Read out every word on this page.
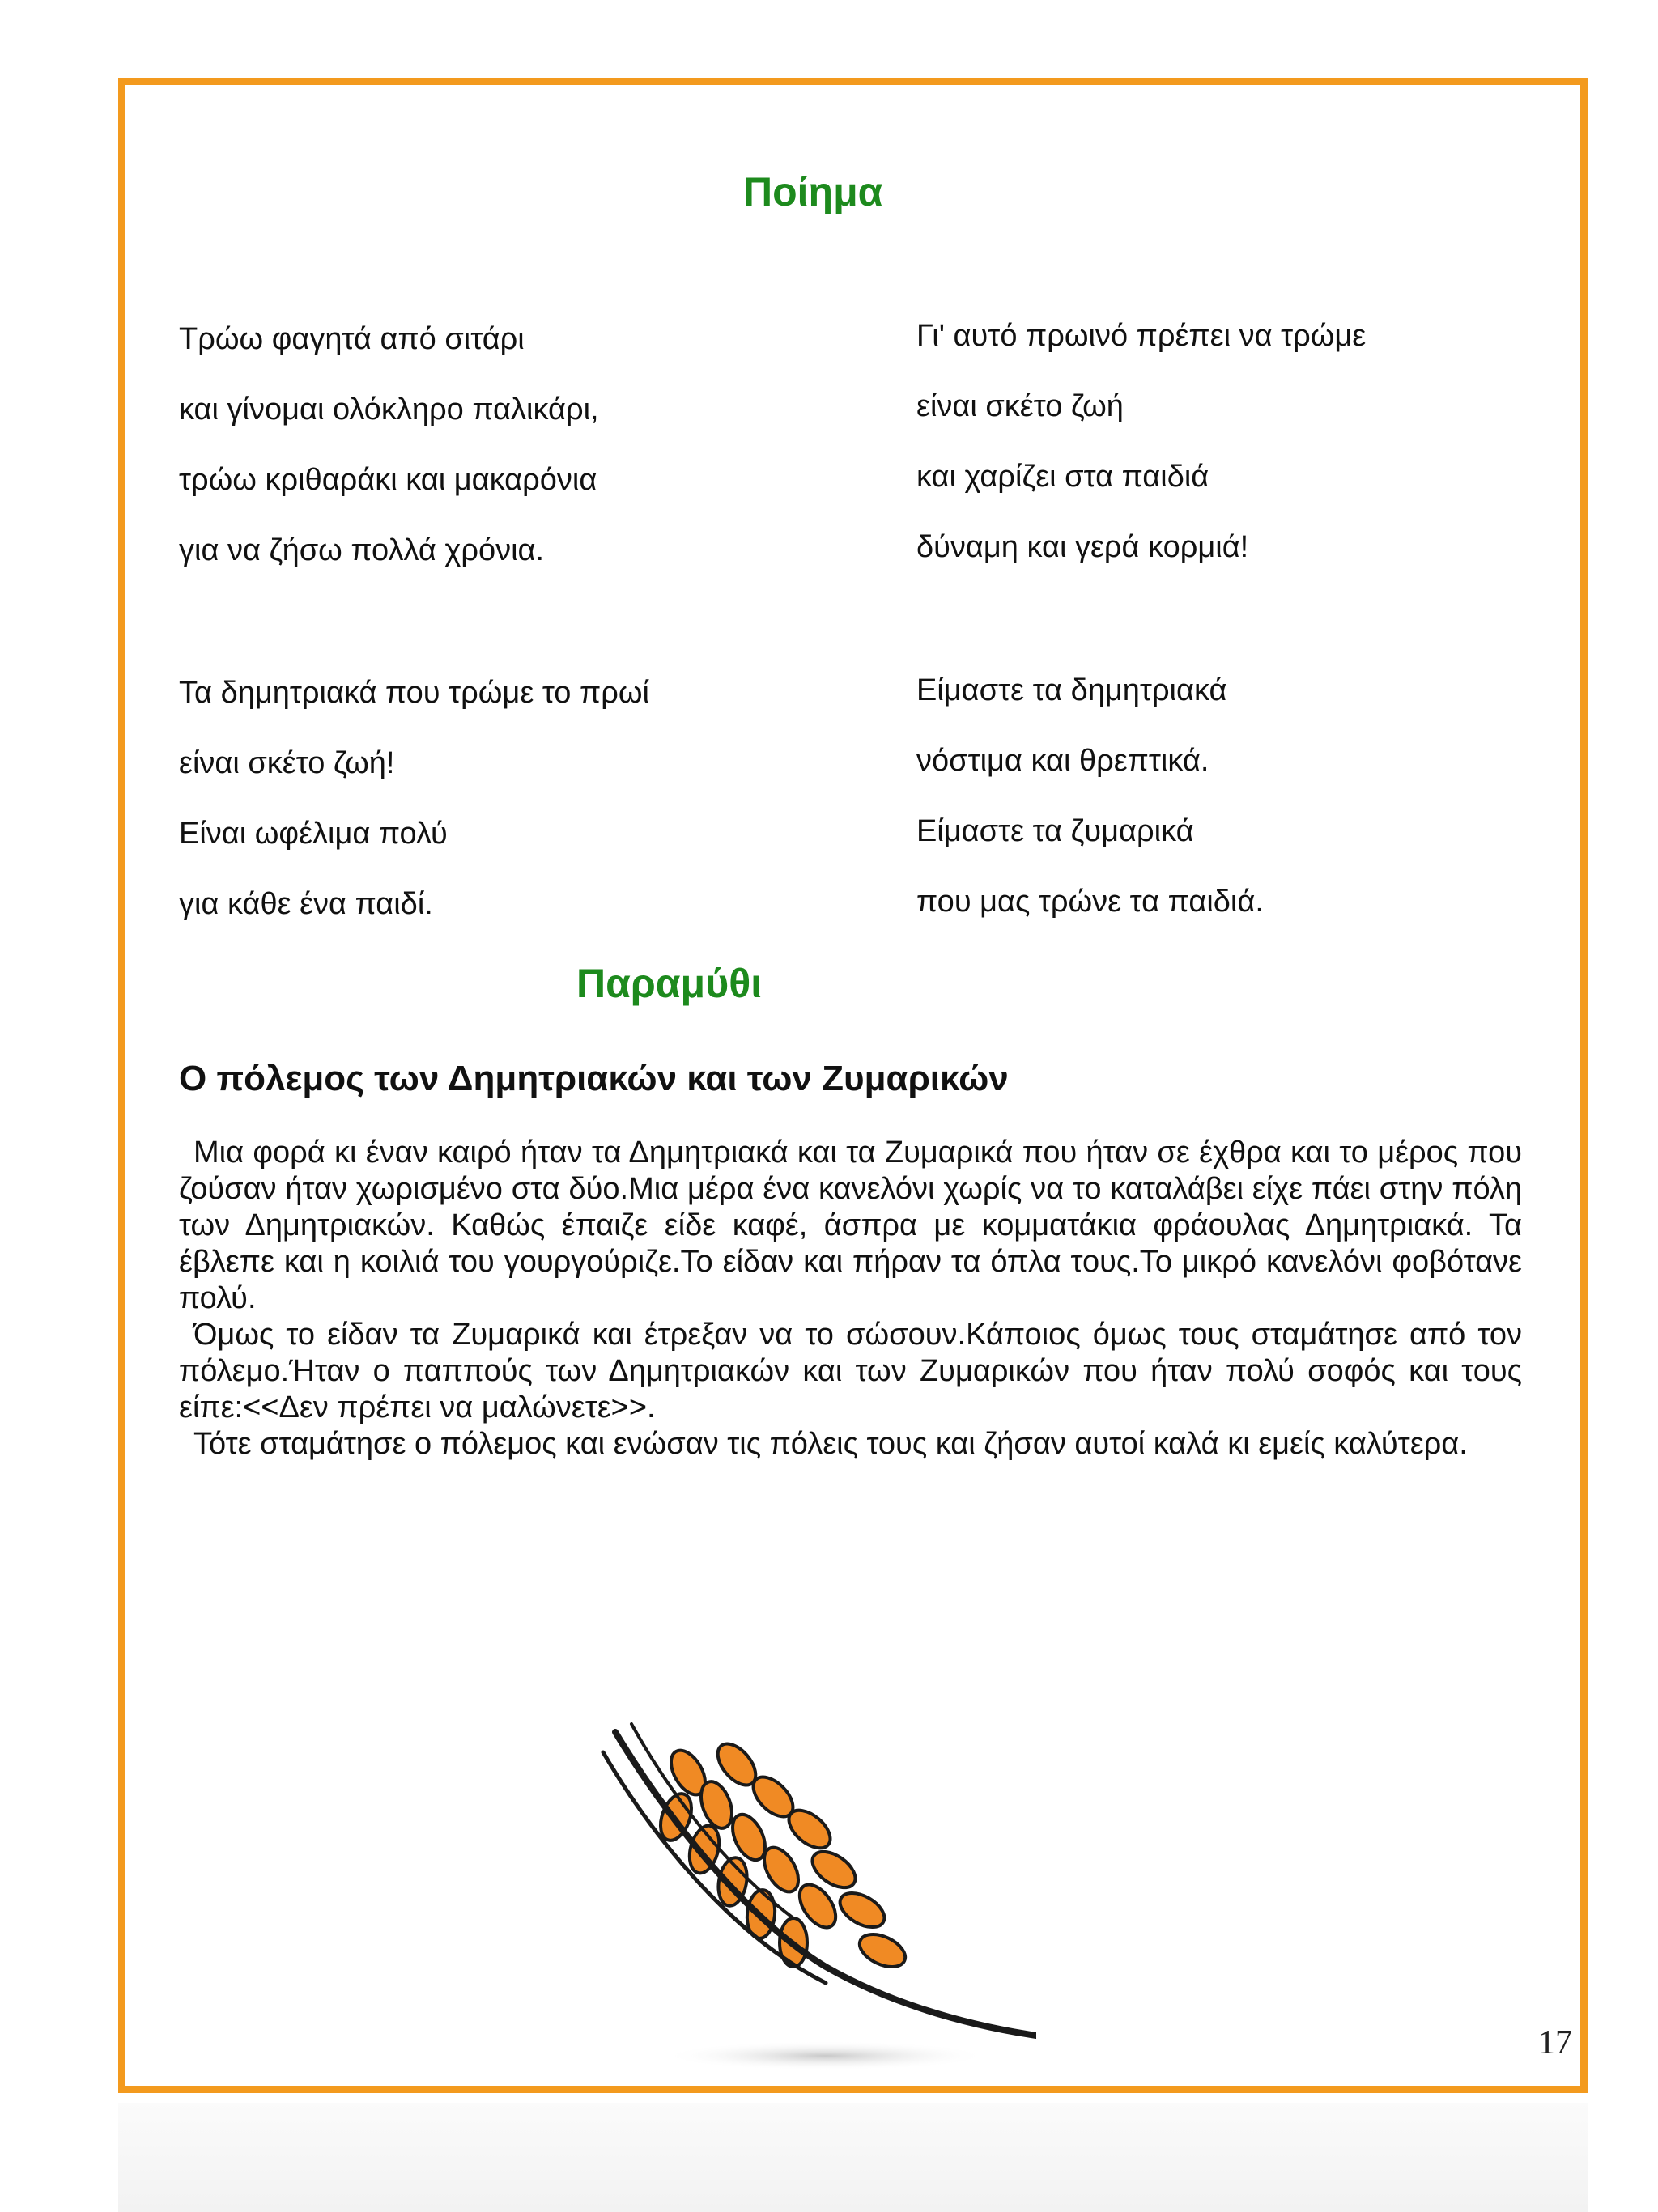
Ποίημα
Τρώω φαγητά από σιτάρι
και γίνομαι ολόκληρο παλικάρι,
τρώω κριθαράκι και μακαρόνια
για να ζήσω πολλά χρόνια.
Γι' αυτό πρωινό πρέπει να τρώμε
είναι σκέτο ζωή
και χαρίζει στα παιδιά
δύναμη και γερά κορμιά!
Τα δημητριακά που τρώμε το πρωί
είναι σκέτο ζωή!
Είναι ωφέλιμα πολύ
για κάθε ένα παιδί.
Είμαστε τα δημητριακά
νόστιμα και θρεπτικά.
Είμαστε τα ζυμαρικά
που μας τρώνε τα παιδιά.
Παραμύθι
Ο πόλεμος των Δημητριακών και των Ζυμαρικών

Μια φορά κι έναν καιρό ήταν τα Δημητριακά και τα Ζυμαρικά που ήταν σε έχθρα και το μέρος που ζούσαν ήταν χωρισμένο στα δύο.Μια μέρα ένα κανελόνι χωρίς να το καταλάβει είχε πάει στην πόλη των Δημητριακών. Καθώς έπαιζε είδε καφέ, άσπρα με κομματάκια φράουλας Δημητριακά. Τα έβλεπε και η κοιλιά του γουργούριζε.Το είδαν και πήραν τα όπλα τους.Το μικρό κανελόνι φοβότανε πολύ.

Όμως το είδαν τα Ζυμαρικά και έτρεξαν να το σώσουν.Κάποιος όμως τους σταμάτησε από τον πόλεμο.Ήταν ο παππούς των Δημητριακών και των Ζυμαρικών που ήταν πολύ σοφός και τους είπε:<<Δεν πρέπει να μαλώνετε>>.

Τότε σταμάτησε ο πόλεμος και ενώσαν τις πόλεις τους και ζήσαν αυτοί καλά κι εμείς καλύτερα.

17
